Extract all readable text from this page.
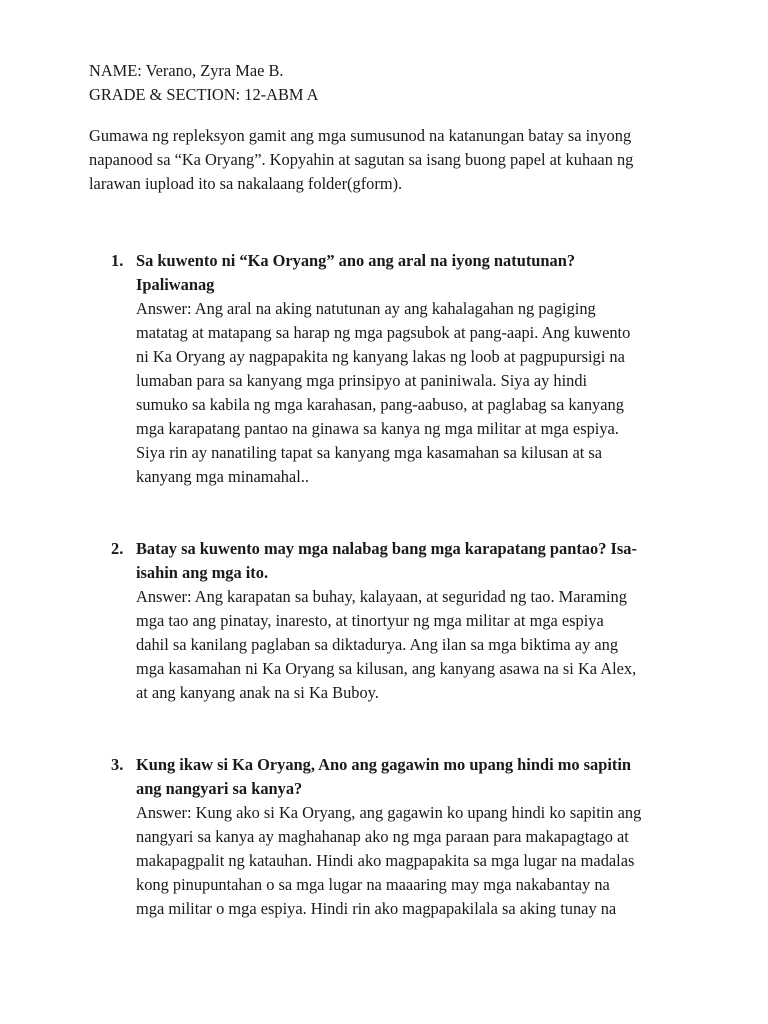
NAME: Verano, Zyra Mae B.
GRADE & SECTION: 12-ABM A

Gumawa ng repleksyon gamit ang mga sumusunod na katanungan batay sa inyong

napanood sa “Ka Oryang”. Kopyahin at sagutan sa isang buong papel at kuhaan ng

larawan iupload ito sa nakalaang folder(gform).

1. Sa kuwento ni “Ka Oryang” ano ang aral na iyong natutunan?
Ipaliwanag

Answer: Ang aral na aking natutunan ay ang kahalagahan ng pagiging
matatag at matapang sa harap ng mga pagsubok at pang-aapi. Ang kuwento
ni Ka Oryang ay nagpapakita ng kanyang lakas ng loob at pagpupursigi na
lumaban para sa kanyang mga prinsipyo at paniniwala. Siya ay hindi
sumuko sa kabila ng mga karahasan, pang-aabuso, at paglabag sa kanyang
mga karapatang pantao na ginawa sa kanya ng mga militar at mga espiya.
Siya rin ay nanatiling tapat sa kanyang mga kasamahan sa kilusan at sa
kanyang mga minamahal..

2. Batay sa kuwento may mga nalabag bang mga karapatang pantao? Isa-
isahin ang mga ito.

Answer: Ang karapatan sa buhay, kalayaan, at seguridad ng tao. Maraming
mga tao ang pinatay, inaresto, at tinortyur ng mga militar at mga espiya
dahil sa kanilang paglaban sa diktadurya. Ang ilan sa mga biktima ay ang
mga kasamahan ni Ka Oryang sa kilusan, ang kanyang asawa na si Ka Alex,
at ang kanyang anak na si Ka Buboy.

3. Kung ikaw si Ka Oryang, Ano ang gagawin mo upang hindi mo sapitin
ang nangyari sa kanya?

Answer: Kung ako si Ka Oryang, ang gagawin ko upang hindi ko sapitin ang
nangyari sa kanya ay maghahanap ako ng mga paraan para makapagtago at
makapagpalit ng katauhan. Hindi ako magpapakita sa mga lugar na madalas
kong pinupuntahan o sa mga lugar na maaaring may mga nakabantay na
mga militar o mga espiya. Hindi rin ako magpapakilala sa aking tunay na
